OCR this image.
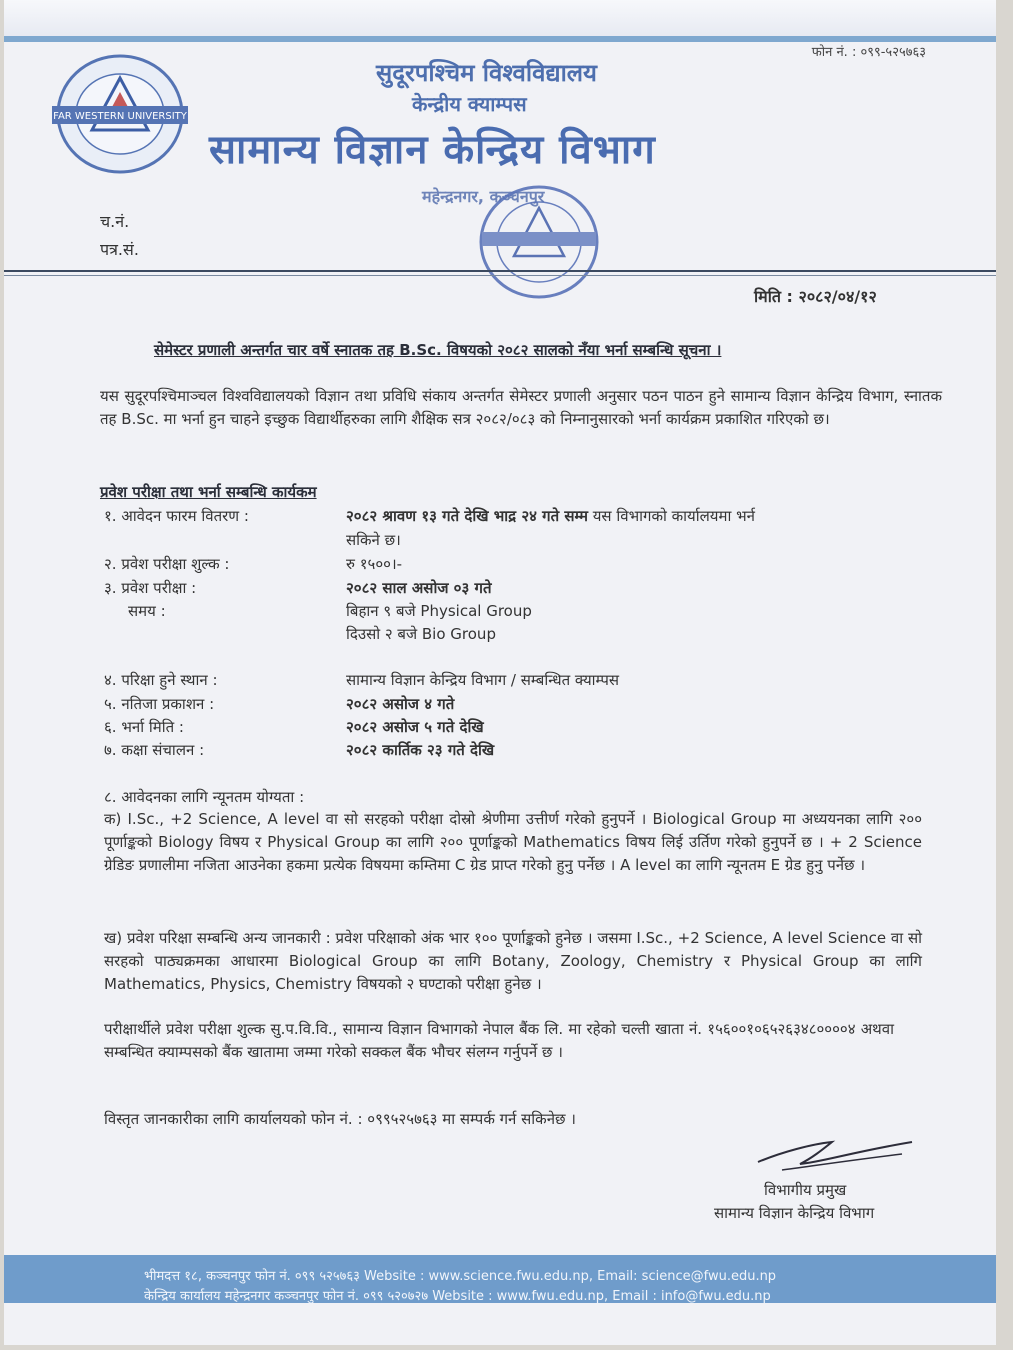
फोन नं. : ०९९-५२५७६३
FAR WESTERN UNIVERSITY
सुदूरपश्चिम विश्वविद्यालय
केन्द्रीय क्याम्पस
सामान्य विज्ञान केन्द्रिय विभाग
महेन्द्रनगर, कञ्चनपुर
च.नं.
पत्र.सं.
मिति : २०८२/०४/१२
सेमेस्टर प्रणाली अन्तर्गत चार वर्षे स्नातक तह B.Sc. विषयको २०८२ सालको नँया भर्ना सम्बन्धि सूचना ।
यस सुदूरपश्चिमाञ्चल विश्वविद्यालयको विज्ञान तथा प्रविधि संकाय अन्तर्गत सेमेस्टर प्रणाली अनुसार पठन पाठन हुने सामान्य विज्ञान केन्द्रिय विभाग, स्नातक तह B.Sc. मा भर्ना हुन चाहने इच्छुक विद्यार्थीहरुका लागि शैक्षिक सत्र २०८२/०८३ को निम्नानुसारको भर्ना कार्यक्रम प्रकाशित गरिएको छ।
प्रवेश परीक्षा तथा भर्ना सम्बन्धि कार्यकम
१. आवेदन फारम वितरण :	२०८२ श्रावण १३ गते देखि भाद्र २४ गते सम्म यस विभागको कार्यालयमा भर्न
सकिने छ।
२. प्रवेश परीक्षा शुल्क :	रु १५००।-
३. प्रवेश परीक्षा :	२०८२ साल असोज ०३ गते
समय :	बिहान ९ बजे Physical Group
दिउसो २ बजे Bio Group
४. परिक्षा हुने स्थान :	सामान्य विज्ञान केन्द्रिय विभाग / सम्बन्धित क्याम्पस
५. नतिजा प्रकाशन :	२०८२ असोज ४ गते
६. भर्ना मिति :	२०८२ असोज ५ गते देखि
७. कक्षा संचालन :	२०८२ कार्तिक २३ गते देखि
८. आवेदनका लागि न्यूनतम योग्यता :
क) I.Sc., +2 Science, A level वा सो सरहको परीक्षा दोस्रो श्रेणीमा उत्तीर्ण गरेको हुनुपर्ने । Biological Group मा अध्ययनका लागि २०० पूर्णाङ्कको Biology विषय र Physical Group का लागि २०० पूर्णाङ्कको Mathematics विषय लिई उर्तिण गरेको हुनुपर्ने छ । + 2 Science ग्रेडिङ प्रणालीमा नजिता आउनेका हकमा प्रत्येक विषयमा कम्तिमा C ग्रेड प्राप्त गरेको हुनु पर्नेछ । A level का लागि न्यूनतम E ग्रेड हुनु पर्नेछ ।
ख) प्रवेश परिक्षा सम्बन्धि अन्य जानकारी : प्रवेश परिक्षाको अंक भार १०० पूर्णाङ्कको हुनेछ । जसमा I.Sc., +2 Science, A level Science वा सो सरहको पाठ्यक्रमका आधारमा Biological Group का लागि Botany, Zoology, Chemistry र Physical Group का लागि Mathematics, Physics, Chemistry विषयको २ घण्टाको परीक्षा हुनेछ ।
परीक्षार्थीले प्रवेश परीक्षा शुल्क सु.प.वि.वि., सामान्य विज्ञान विभागको नेपाल बैंक लि. मा रहेको चल्ती खाता नं. १५६००१०६५२६३४८००००४ अथवा सम्बन्धित क्याम्पसको बैंक खातामा जम्मा गरेको सक्कल बैंक भौचर संलग्न गर्नुपर्ने छ ।
विस्तृत जानकारीका लागि कार्यालयको फोन नं. : ०९९५२५७६३ मा सम्पर्क गर्न सकिनेछ ।
विभागीय प्रमुख
सामान्य विज्ञान केन्द्रिय विभाग
भीमदत्त १८, कञ्चनपुर फोन नं. ०९९ ५२५७६३ Website : www.science.fwu.edu.np, Email: science@fwu.edu.np
केन्द्रिय कार्यालय महेन्द्रनगर कञ्चनपुर फोन नं. ०९९ ५२०७२७ Website : www.fwu.edu.np, Email : info@fwu.edu.np
